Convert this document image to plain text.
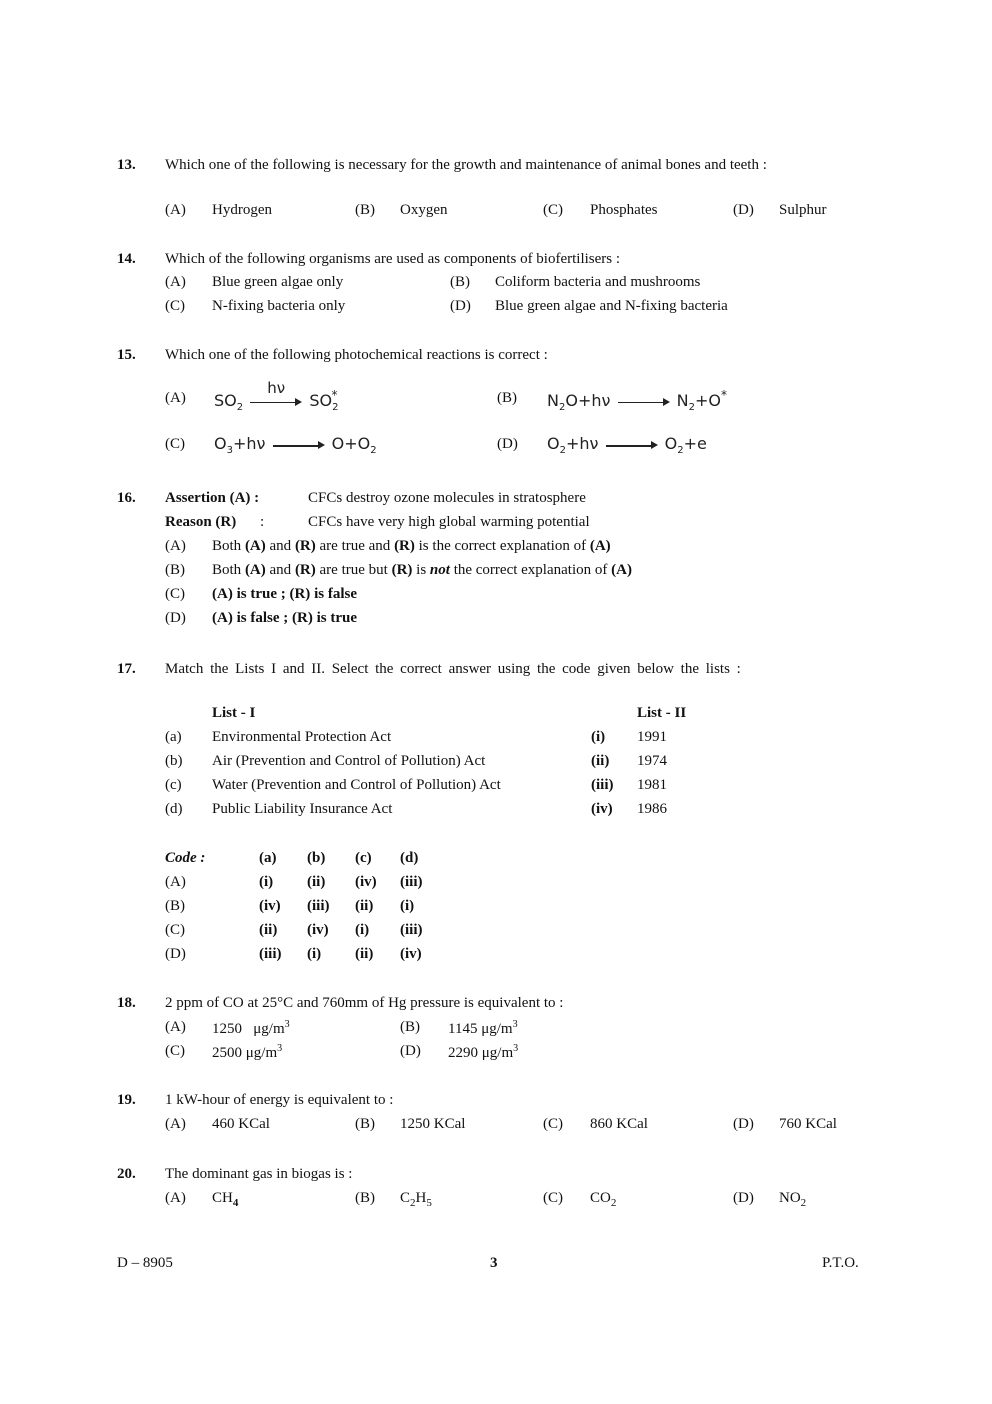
13. Which one of the following is necessary for the growth and maintenance of animal bones and teeth :
(A) Hydrogen	(B) Oxygen	(C) Phosphates	(D) Sulphur
14. Which of the following organisms are used as components of biofertilisers :
(A) Blue green algae only	(B) Coliform bacteria and mushrooms
(C) N-fixing bacteria only	(D) Blue green algae and N-fixing bacteria
15. Which one of the following photochemical reactions is correct :
(A) $SO_2$
hν
$SO_2^*$	(B) $N_2O+h\nu$	$N_2+O^*$
(C) $O_3+h\nu$	$O+O_2$	(D) $O_2+h\nu$	$O_2+e$
16. Assertion (A) :	CFCs destroy ozone molecules in stratosphere
Reason (R) :	CFCs have very high global warming potential
(A) Both (A) and (R) are true and (R) is the correct explanation of (A)
(B) Both (A) and (R) are true but (R) is not the correct explanation of (A)
(C) (A) is true ; (R) is false
(D) (A) is false ; (R) is true
17. Match the Lists I and II. Select the correct answer using the code given below the lists :
List - I	List - II
(a) Environmental Protection Act	(i) 1991
(b) Air (Prevention and Control of Pollution) Act	(ii) 1974
(c) Water (Prevention and Control of Pollution) Act	(iii) 1981
(d) Public Liability Insurance Act	(iv) 1986
Code :	(a) (b) (c) (d)
(A)	(i) (ii) (iv) (iii)
(B)	(iv) (iii) (ii) (i)
(C)	(ii) (iv) (i) (iii)
(D)	(iii) (i) (ii) (iv)
18. 2 ppm of CO at 25°C and 760mm of Hg pressure is equivalent to :
(A) 1250 $\mu g/m^3$	(B) 1145 $\mu g/m^3$
(C) 2500 $\mu g/m^3$	(D) 2290 $\mu g/m^3$
19. 1 kW-hour of energy is equivalent to :
(A) 460 KCal	(B) 1250 KCal	(C) 860 KCal	(D) 760 KCal
20. The dominant gas in biogas is :
(A) $CH_4$	(B) $C_2H_5$	(C) $CO_2$	(D) $NO_2$
D – 8905	3	P.T.O.
